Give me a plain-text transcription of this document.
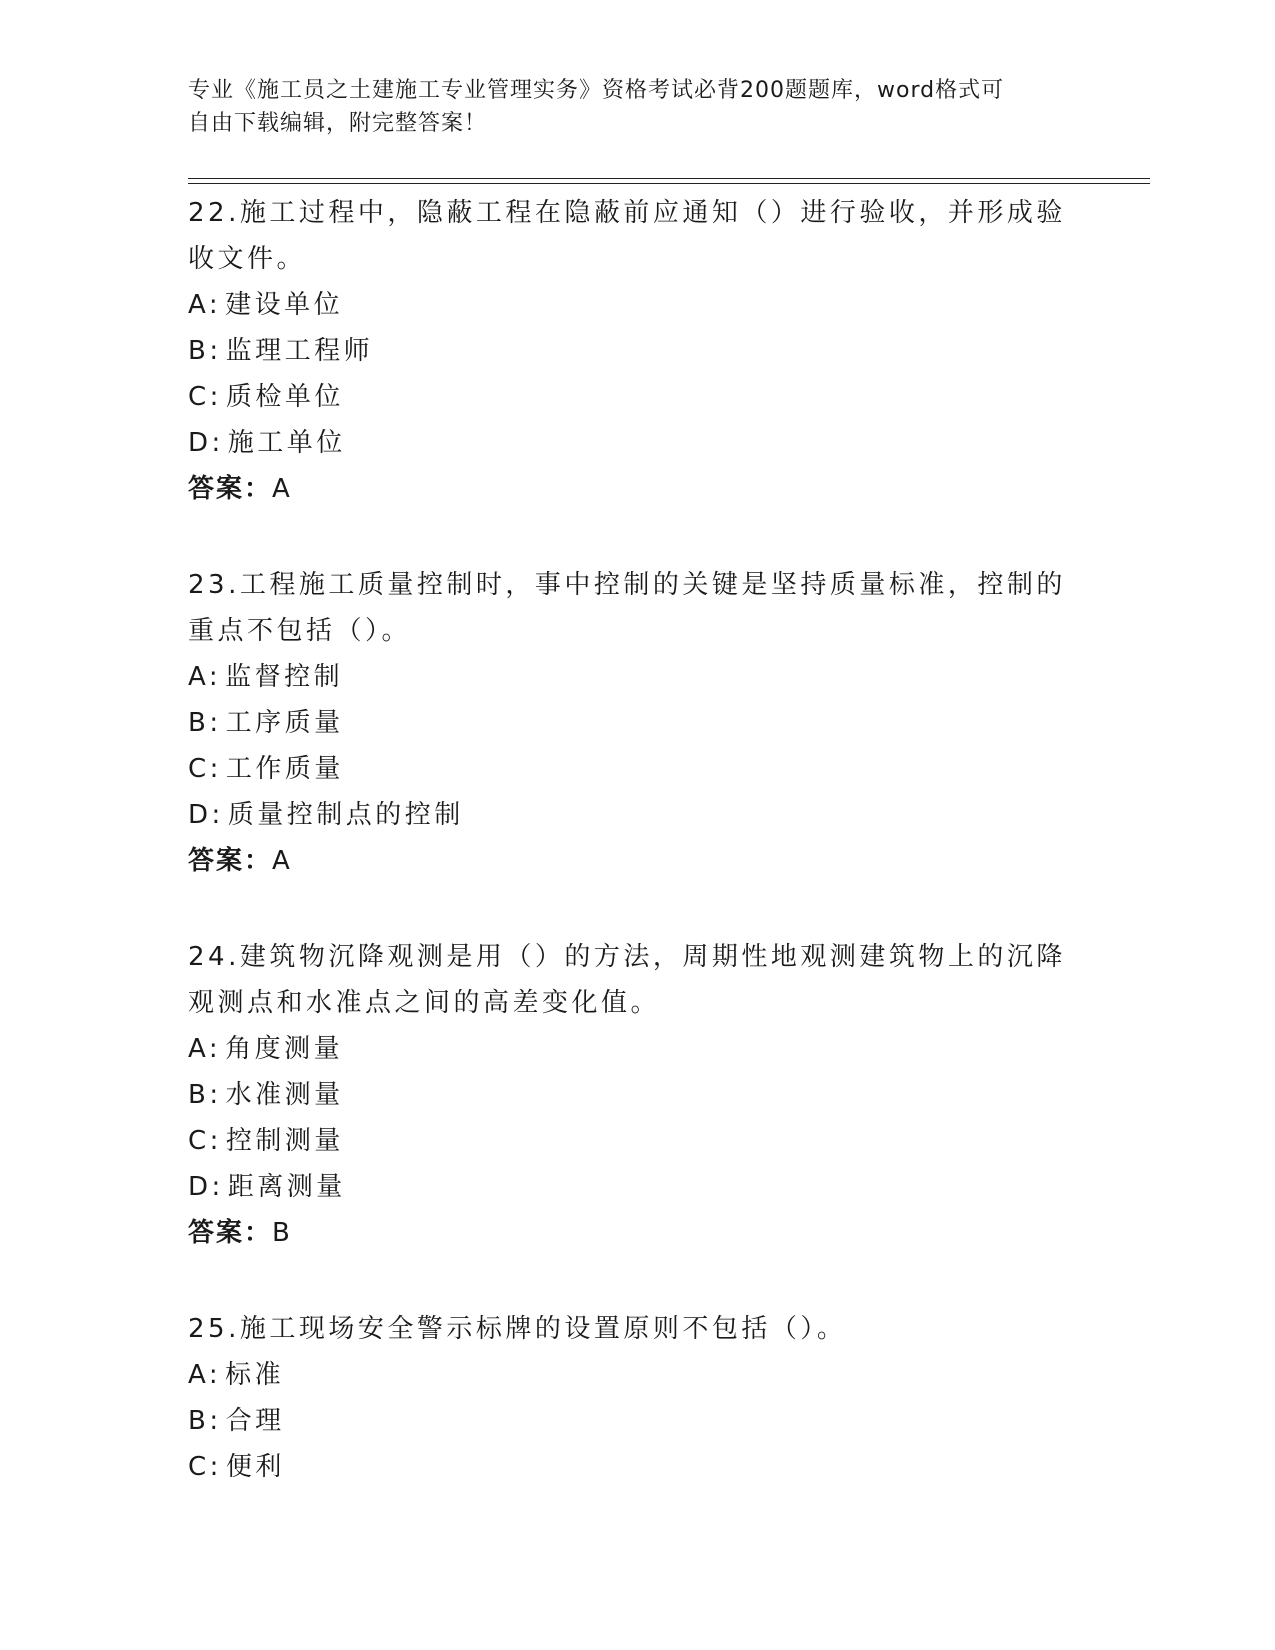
专业《施工员之土建施工专业管理实务》资格考试必背200题题库，word格式可
自由下载编辑，附完整答案！

22.施工过程中，隐蔽工程在隐蔽前应通知（）进行验收，并形成验收文件。

A: 建设单位

B: 监理工程师

C: 质检单位

D: 施工单位

答案：A

23.工程施工质量控制时，事中控制的关键是坚持质量标准，控制的重点不包括（）。

A: 监督控制

B: 工序质量

C: 工作质量

D: 质量控制点的控制

答案：A

24.建筑物沉降观测是用（）的方法，周期性地观测建筑物上的沉降观测点和水准点之间的高差变化值。

A: 角度测量

B: 水准测量

C: 控制测量

D: 距离测量

答案：B

25.施工现场安全警示标牌的设置原则不包括（）。

A: 标准

B: 合理

C: 便利
